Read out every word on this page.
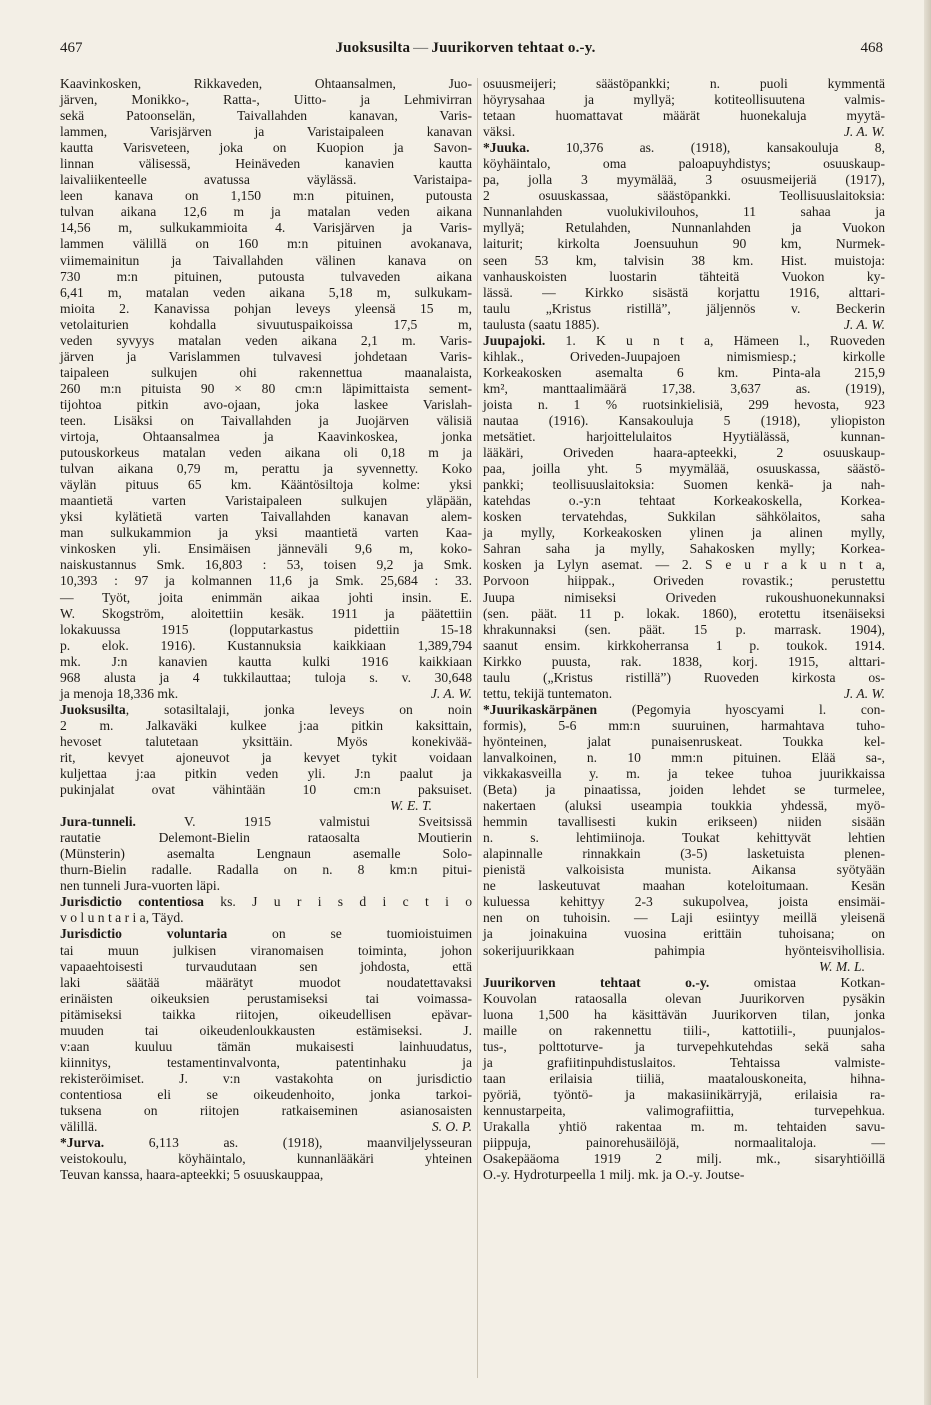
467	Juoksusilta — Juurikorven tehtaat o.-y.	468
Kaavinkosken, Rikkaveden, Ohtaansalmen, Juo-
järven, Monikko-, Ratta-, Uitto- ja Lehmivirran
sekä Patoonselän, Taivallahden kanavan, Varis-
lammen, Varisjärven ja Varistaipaleen kanavan
kautta Varisveteen, joka on Kuopion ja Savon-
linnan välisessä, Heinäveden kanavien kautta
laivaliikenteelle avatussa väylässä. Varistaipa-
leen kanava on 1,150 m:n pituinen, putousta
tulvan aikana 12,6 m ja matalan veden aikana
14,56 m, sulkukammioita 4. Varisjärven ja Varis-
lammen välillä on 160 m:n pituinen avokanava,
viimemainitun ja Taivallahden välinen kanava on
730 m:n pituinen, putousta tulvaveden aikana
6,41 m, matalan veden aikana 5,18 m, sulkukam-
mioita 2. Kanavissa pohjan leveys yleensä 15 m,
vetolaiturien kohdalla sivuutuspaikoissa 17,5 m,
veden syvyys matalan veden aikana 2,1 m. Varis-
järven ja Varislammen tulvavesi johdetaan Varis-
taipaleen sulkujen ohi rakennettua maanalaista,
260 m:n pituista 90 × 80 cm:n läpimittaista sement-
tijohtoa pitkin avo-ojaan, joka laskee Varislah-
teen. Lisäksi on Taivallahden ja Juojärven välisiä
virtoja, Ohtaansalmea ja Kaavinkoskea, jonka
putouskorkeus matalan veden aikana oli 0,18 m ja
tulvan aikana 0,79 m, perattu ja syvennetty. Koko
väylän pituus 65 km. Kääntösiltoja kolme: yksi
maantietä varten Varistaipaleen sulkujen yläpään,
yksi kylätietä varten Taivallahden kanavan alem-
man sulkukammion ja yksi maantietä varten Kaa-
vinkosken yli. Ensimäisen jänneväli 9,6 m, koko-
naiskustannus Smk. 16,803 : 53, toisen 9,2 ja Smk.
10,393 : 97 ja kolmannen 11,6 ja Smk. 25,684 : 33.
— Työt, joita enimmän aikaa johti insin. E.
W. Skogström, aloitettiin kesäk. 1911 ja päätettiin
lokakuussa 1915 (lopputarkastus pidettiin 15-18
p. elok. 1916). Kustannuksia kaikkiaan 1,389,794
mk. J:n kanavien kautta kulki 1916 kaikkiaan
968 alusta ja 4 tukkilauttaa; tuloja s. v. 30,648
ja menoja 18,336 mk.	J. A. W.
Juoksusilta, sotasiltalaji, jonka leveys on noin
2 m. Jalkaväki kulkee j:aa pitkin kaksittain,
hevoset talutetaan yksittäin. Myös konekivää-
rit, kevyet ajoneuvot ja kevyet tykit voidaan
kuljettaa j:aa pitkin veden yli. J:n paalut ja
pukinjalat ovat vähintään 10 cm:n paksuiset.
W. E. T.
Jura-tunneli. V. 1915 valmistui Sveitsissä
rautatie Delemont-Bielin rataosalta Moutierin
(Münsterin) asemalta Lengnaun asemalle Solo-
thurn-Bielin radalle. Radalla on n. 8 km:n pitui-
nen tunneli Jura-vuorten läpi.
Jurisdictio contentiosa ks. J u r i s d i c t i o
v o l u n t a r i a, Täyd.
Jurisdictio voluntaria on se tuomioistuimen
tai muun julkisen viranomaisen toiminta, johon
vapaaehtoisesti turvaudutaan sen johdosta, että
laki säätää määrätyt muodot noudatettavaksi
erinäisten oikeuksien perustamiseksi tai voimassa-
pitämiseksi taikka riitojen, oikeudellisen epävar-
muuden tai oikeudenloukkausten estämiseksi. J.
v:aan kuuluu tämän mukaisesti lainhuudatus,
kiinnitys, testamentinvalvonta, patentinhaku ja
rekisteröimiset. J. v:n vastakohta on jurisdictio
contentiosa eli se oikeudenhoito, jonka tarkoi-
tuksena on riitojen ratkaiseminen asianosaisten
välillä.	S. O. P.
*Jurva. 6,113 as. (1918), maanviljelysseuran
veistokoulu, köyhäintalo, kunnanlääkäri yhteinen
Teuvan kanssa, haara-apteekki; 5 osuuskauppaa,
osuusmeijeri; säästöpankki; n. puoli kymmentä
höyrysahaa ja myllyä; kotiteollisuutena valmis-
tetaan huomattavat määrät huonekaluja myytä-
väksi.	J. A. W.
*Juuka. 10,376 as. (1918), kansakouluja 8,
köyhäintalo, oma paloapuyhdistys; osuuskaup-
pa, jolla 3 myymälää, 3 osuusmeijeriä (1917),
2 osuuskassaa, säästöpankki. Teollisuuslaitoksia:
Nunnanlahden vuolukivilouhos, 11 sahaa ja
myllyä; Retulahden, Nunnanlahden ja Vuokon
laiturit; kirkolta Joensuuhun 90 km, Nurmek-
seen 53 km, talvisin 38 km. Hist. muistoja:
vanhauskoisten luostarin tähteitä Vuokon ky-
lässä. — Kirkko sisästä korjattu 1916, alttari-
taulu „Kristus ristillä”, jäljennös v. Beckerin
taulusta (saatu 1885).	J. A. W.
Juupajoki. 1. K u n t a, Hämeen l., Ruoveden
kihlak., Oriveden-Juupajoen nimismiesp.; kirkolle
Korkeakosken asemalta 6 km. Pinta-ala 215,9
km², manttaalimäärä 17,38. 3,637 as. (1919),
joista n. 1 % ruotsinkielisiä, 299 hevosta, 923
nautaa (1916). Kansakouluja 5 (1918), yliopiston
metsätiet. harjoittelulaitos Hyytiälässä, kunnan-
lääkäri, Oriveden haara-apteekki, 2 osuuskaup-
paa, joilla yht. 5 myymälää, osuuskassa, säästö-
pankki; teollisuuslaitoksia: Suomen kenkä- ja nah-
katehdas o.-y:n tehtaat Korkeakoskella, Korkea-
kosken tervatehdas, Sukkilan sähkölaitos, saha
ja mylly, Korkeakosken ylinen ja alinen mylly,
Sahran saha ja mylly, Sahakosken mylly; Korkea-
kosken ja Lylyn asemat. — 2. S e u r a k u n t a,
Porvoon hiippak., Oriveden rovastik.; perustettu
Juupa nimiseksi Oriveden rukoushuonekunnaksi
(sen. päät. 11 p. lokak. 1860), erotettu itsenäiseksi
khrakunnaksi (sen. päät. 15 p. marrask. 1904),
saanut ensim. kirkkoherransa 1 p. toukok. 1914.
Kirkko puusta, rak. 1838, korj. 1915, alttari-
taulu („Kristus ristillä”) Ruoveden kirkosta os-
tettu, tekijä tuntematon.	J. A. W.
*Juurikaskärpänen (Pegomyia hyoscyami l. con-
formis), 5-6 mm:n suuruinen, harmahtava tuho-
hyönteinen, jalat punaisenruskeat. Toukka kel-
lanvalkoinen, n. 10 mm:n pituinen. Elää sa-,
vikkakasveilla y. m. ja tekee tuhoa juurikkaissa
(Beta) ja pinaatissa, joiden lehdet se turmelee,
nakertaen (aluksi useampia toukkia yhdessä, myö-
hemmin tavallisesti kukin erikseen) niiden sisään
n. s. lehtimiinoja. Toukat kehittyvät lehtien
alapinnalle rinnakkain (3-5) lasketuista plenen-
pienistä valkoisista munista. Aikansa syötyään
ne laskeutuvat maahan koteloitumaan. Kesän
kuluessa kehittyy 2-3 sukupolvea, joista ensimäi-
nen on tuhoisin. — Laji esiintyy meillä yleisenä
ja joinakuina vuosina erittäin tuhoisana; on
sokerijuurikkaan pahimpia hyönteisvihollisia.
W. M. L.
Juurikorven tehtaat o.-y. omistaa Kotkan-
Kouvolan rataosalla olevan Juurikorven pysäkin
luona 1,500 ha käsittävän Juurikorven tilan, jonka
maille on rakennettu tiili-, kattotiili-, puunjalos-
tus-, polttoturve- ja turvepehkutehdas sekä saha
ja grafiitinpuhdistuslaitos. Tehtaissa valmiste-
taan erilaisia tiiliä, maatalouskoneita, hihna-
pyöriä, työntö- ja makasiinikärryjä, erilaisia ra-
kennustarpeita, valimografiittia, turvepehkua.
Urakalla yhtiö rakentaa m. m. tehtaiden savu-
piippuja, painorehusäilöjä, normaalitaloja. —
Osakepääoma 1919 2 milj. mk., sisaryhtiöillä
O.-y. Hydroturpeella 1 milj. mk. ja O.-y. Joutse-
